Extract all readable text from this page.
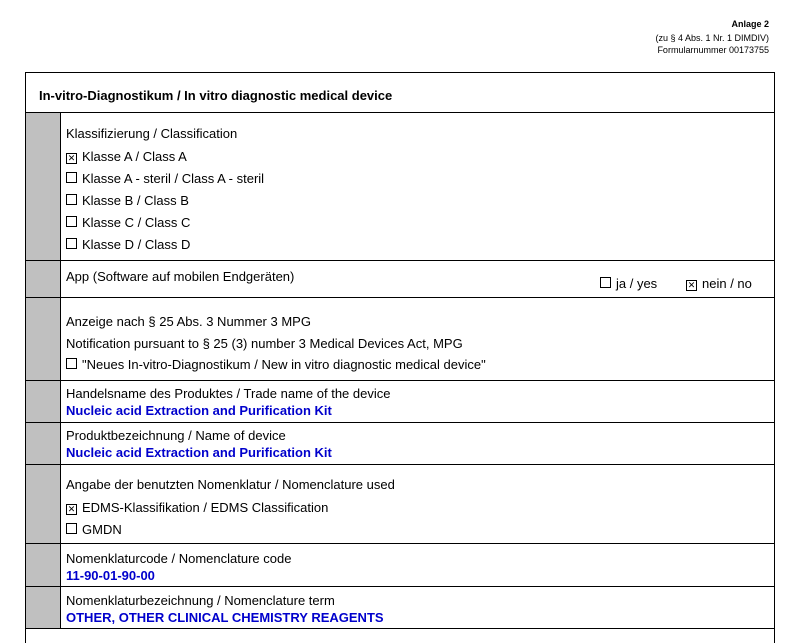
Anlage 2
(zu § 4 Abs. 1 Nr. 1 DIMDIV)
Formularnummer 00173755
In-vitro-Diagnostikum / In vitro diagnostic medical device
Klassifizierung / Classification
✕ Klasse A / Class A
Klasse A - steril / Class A - steril
Klasse B / Class B
Klasse C / Class C
Klasse D / Class D
App (Software auf mobilen Endgeräten)	ja / yes	✕ nein / no
Anzeige nach § 25 Abs. 3 Nummer 3 MPG
Notification pursuant to § 25 (3) number 3 Medical Devices Act, MPG
"Neues In-vitro-Diagnostikum / New in vitro diagnostic medical device"
Handelsname des Produktes / Trade name of the device
Nucleic acid Extraction and Purification Kit
Produktbezeichnung / Name of device
Nucleic acid Extraction and Purification Kit
Angabe der benutzten Nomenklatur / Nomenclature used
✕ EDMS-Klassifikation / EDMS Classification
GMDN
Nomenklaturcode / Nomenclature code
11-90-01-90-00
Nomenklaturbezeichnung / Nomenclature term
OTHER, OTHER CLINICAL CHEMISTRY REAGENTS
